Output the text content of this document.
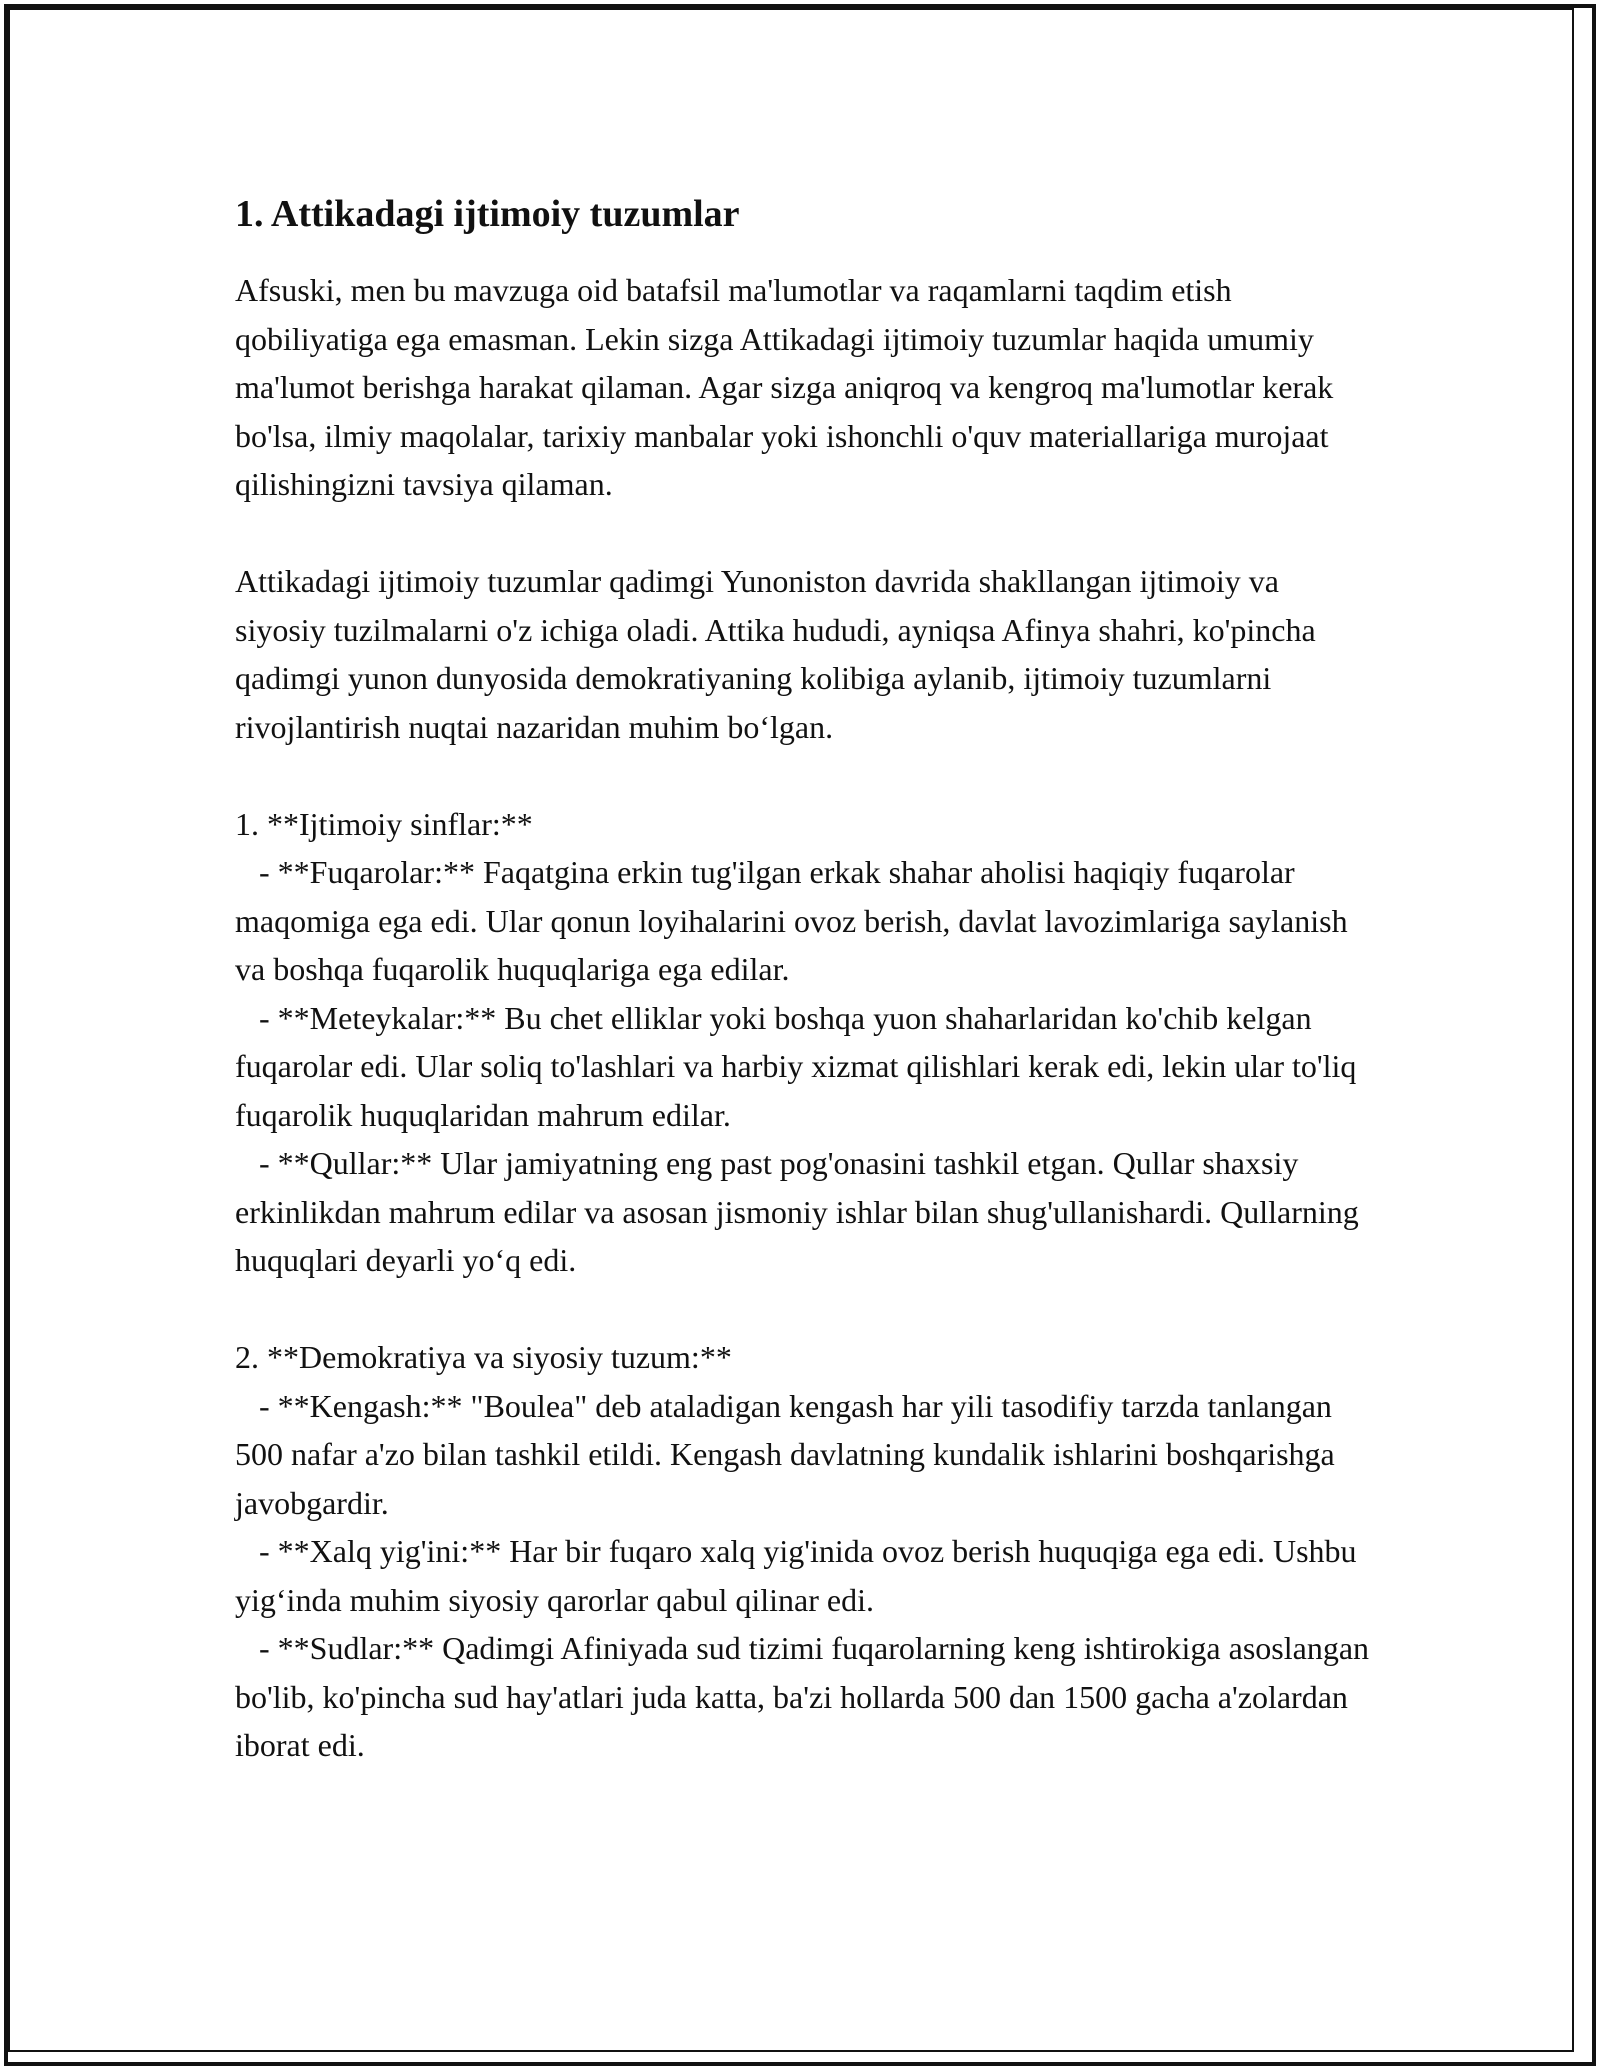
1. Attikadagi ijtimoiy tuzumlar

Afsuski, men bu mavzuga oid batafsil ma'lumotlar va raqamlarni taqdim etish qobiliyatiga ega emasman. Lekin sizga Attikadagi ijtimoiy tuzumlar haqida umumiy ma'lumot berishga harakat qilaman. Agar sizga aniqroq va kengroq ma'lumotlar kerak bo'lsa, ilmiy maqolalar, tarixiy manbalar yoki ishonchli o'quv materiallariga murojaat qilishingizni tavsiya qilaman.

Attikadagi ijtimoiy tuzumlar qadimgi Yunoniston davrida shakllangan ijtimoiy va siyosiy tuzilmalarni o'z ichiga oladi. Attika hududi, ayniqsa Afinya shahri, ko'pincha qadimgi yunon dunyosida demokratiyaning kolibiga aylanib, ijtimoiy tuzumlarni rivojlantirish nuqtai nazaridan muhim bo‘lgan.

1. **Ijtimoiy sinflar:**

- **Fuqarolar:** Faqatgina erkin tug'ilgan erkak shahar aholisi haqiqiy fuqarolar maqomiga ega edi. Ular qonun loyihalarini ovoz berish, davlat lavozimlariga saylanish va boshqa fuqarolik huquqlariga ega edilar.

- **Meteykalar:** Bu chet elliklar yoki boshqa yuon shaharlaridan ko'chib kelgan fuqarolar edi. Ular soliq to'lashlari va harbiy xizmat qilishlari kerak edi, lekin ular to'liq fuqarolik huquqlaridan mahrum edilar.

- **Qullar:** Ular jamiyatning eng past pog'onasini tashkil etgan. Qullar shaxsiy erkinlikdan mahrum edilar va asosan jismoniy ishlar bilan shug'ullanishardi. Qullarning huquqlari deyarli yo‘q edi.

2. **Demokratiya va siyosiy tuzum:**

- **Kengash:** "Boulea" deb ataladigan kengash har yili tasodifiy tarzda tanlangan 500 nafar a'zo bilan tashkil etildi. Kengash davlatning kundalik ishlarini boshqarishga javobgardir.

- **Xalq yig'ini:** Har bir fuqaro xalq yig'inida ovoz berish huquqiga ega edi. Ushbu yig‘inda muhim siyosiy qarorlar qabul qilinar edi.

- **Sudlar:** Qadimgi Afiniyada sud tizimi fuqarolarning keng ishtirokiga asoslangan bo'lib, ko'pincha sud hay'atlari juda katta, ba'zi hollarda 500 dan 1500 gacha a'zolardan iborat edi.
